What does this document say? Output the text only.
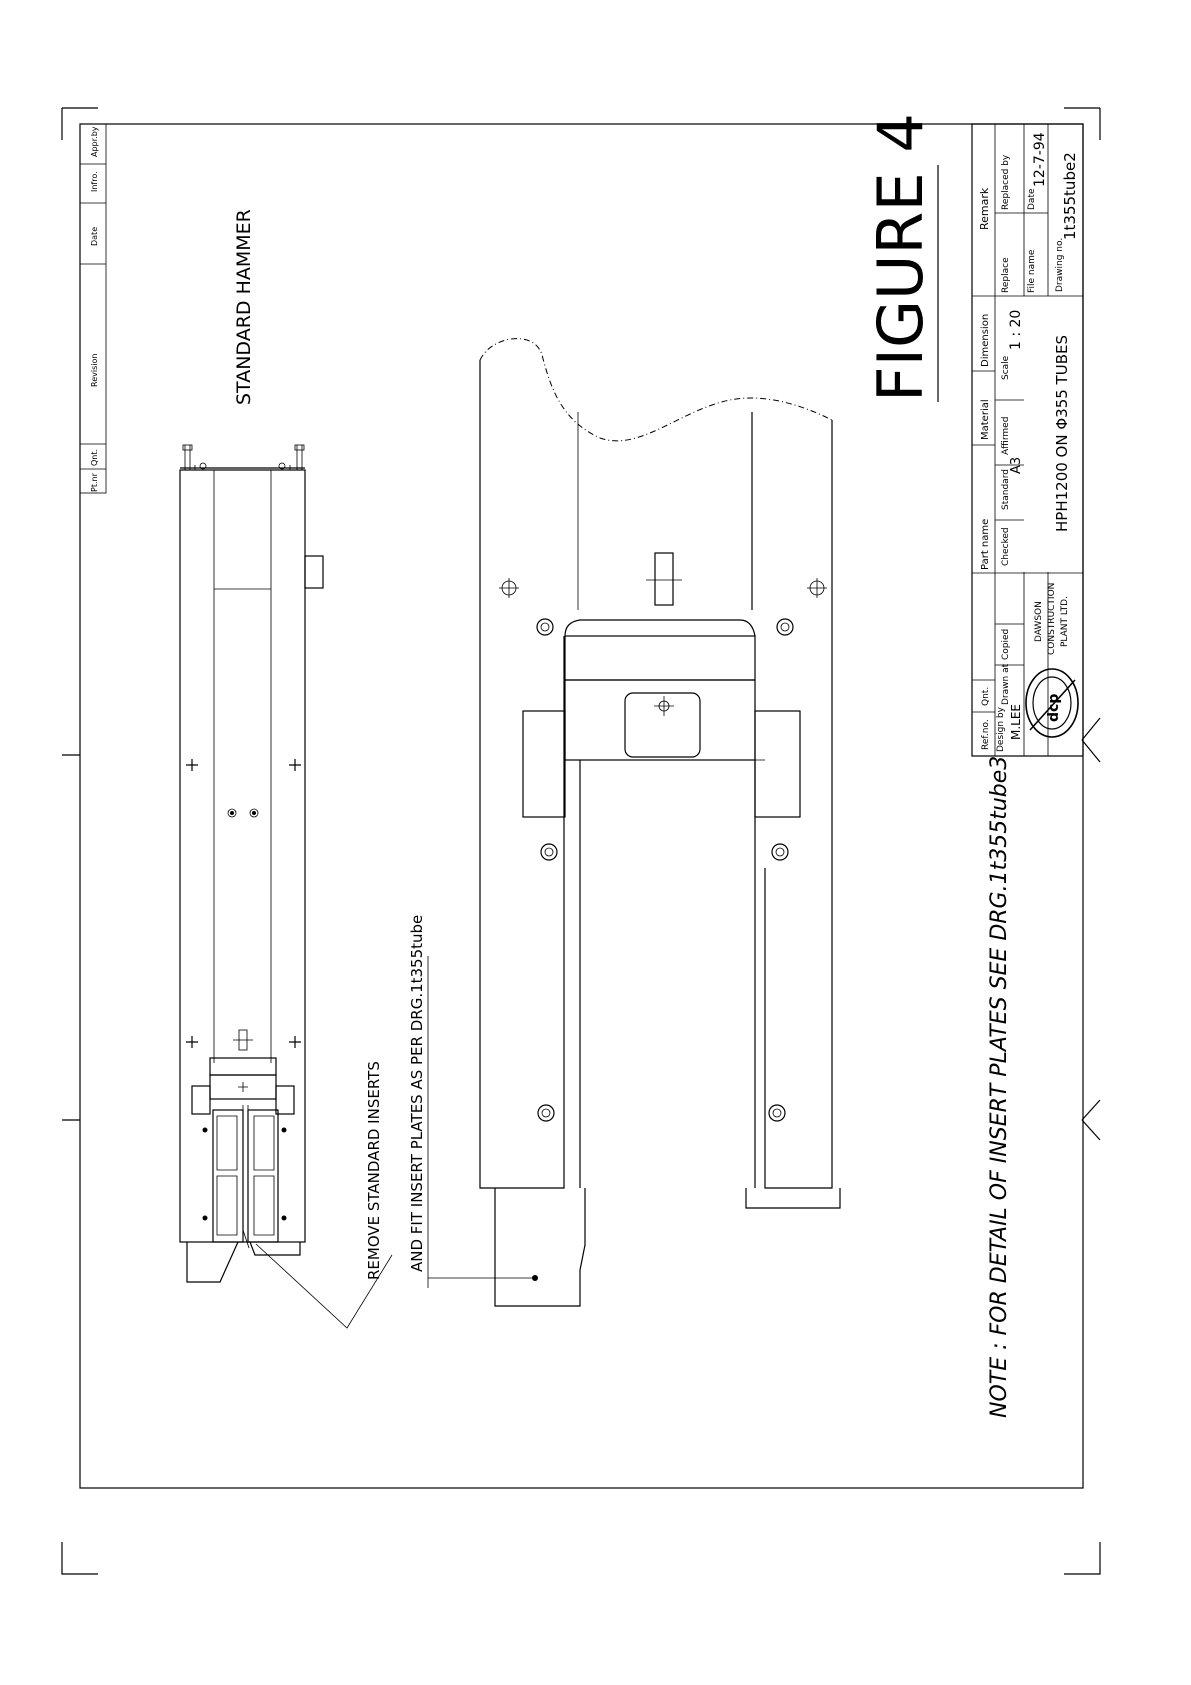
Pt.nr
Qnt.
Revision
Date
Infro.
Appr.by
STANDARD HAMMER	FIGURE 4
REMOVE STANDARD INSERTS AND FIT INSERT PLATES AS PER DRG.1t355tube	NOTE : FOR DETAIL OF INSERT PLATES SEE DRG.1t355tube3
Remark Replaced by Date
12-7-94
Drawing no.
1t355tube2
Replace File name
Dimension
Scale
1 : 20
Material
Standard
A3
Affirmed
Part name Checked
HPH1200 ON Φ355 TUBES
Qnt.
Copied
Drawn at
Ref.no. Design by M.LEE
DAWSON CONSTRUCTION PLANT LTD.
dcp
